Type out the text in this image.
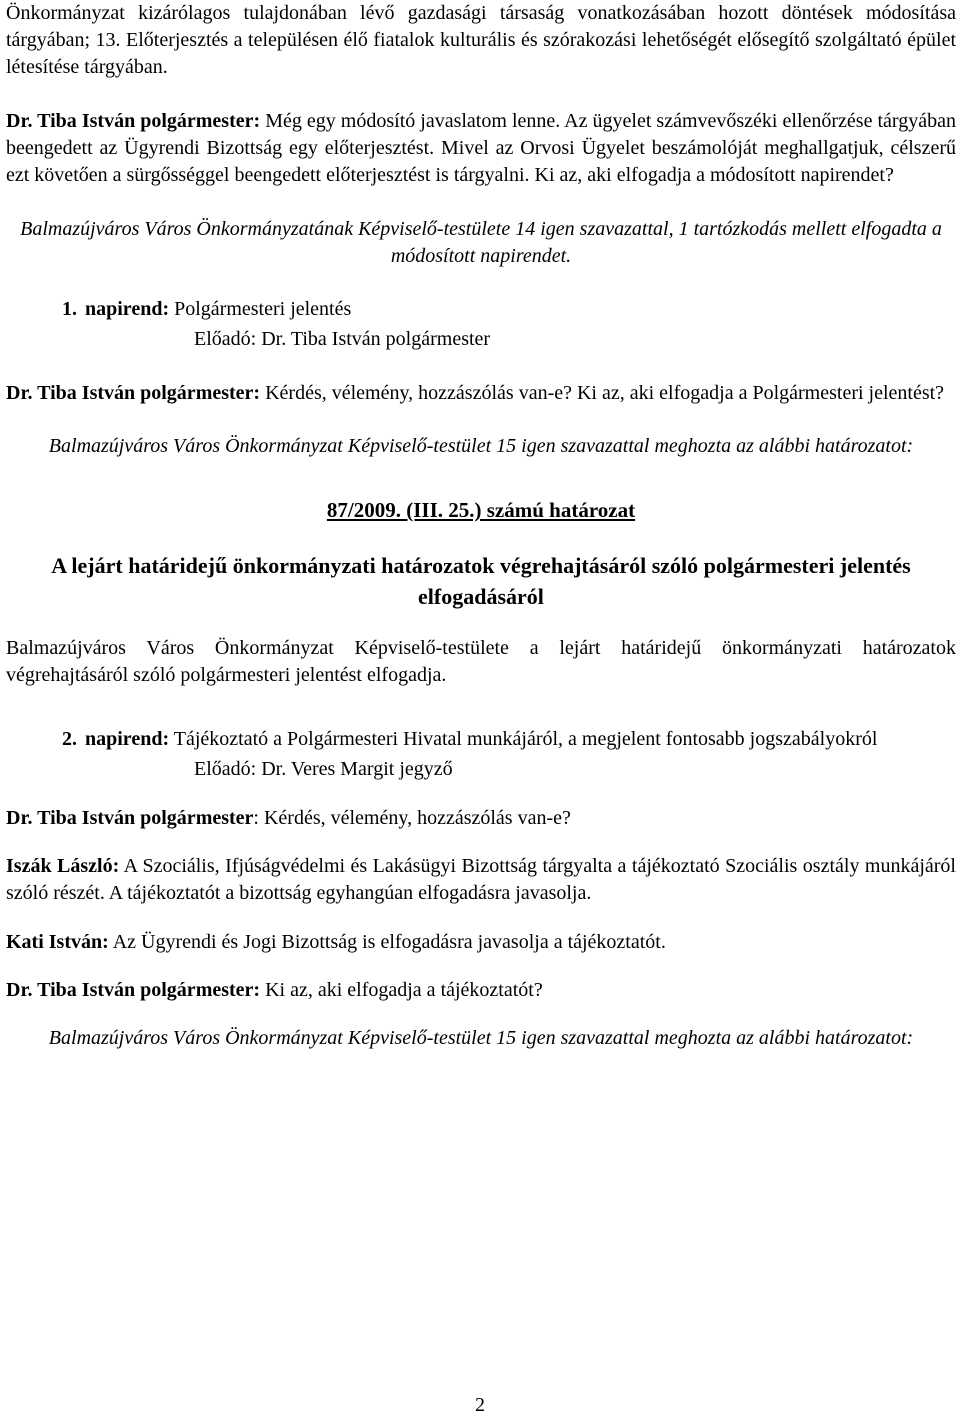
Önkormányzat kizárólagos tulajdonában lévő gazdasági társaság vonatkozásában hozott döntések módosítása tárgyában; 13. Előterjesztés a településen élő fiatalok kulturális és szórakozási lehetőségét elősegítő szolgáltató épület létesítése tárgyában.

Dr. Tiba István polgármester: Még egy módosító javaslatom lenne. Az ügyelet számvevőszéki ellenőrzése tárgyában beengedett az Ügyrendi Bizottság egy előterjesztést. Mivel az Orvosi Ügyelet beszámolóját meghallgatjuk, célszerű ezt követően a sürgősséggel beengedett előterjesztést is tárgyalni. Ki az, aki elfogadja a módosított napirendet?

Balmazújváros Város Önkormányzatának Képviselő-testülete 14 igen szavazattal, 1 tartózkodás mellett elfogadta a módosított napirendet.

1. napirend: Polgármesteri jelentés

Előadó: Dr. Tiba István polgármester

Dr. Tiba István polgármester: Kérdés, vélemény, hozzászólás van-e? Ki az, aki elfogadja a Polgármesteri jelentést?

Balmazújváros Város Önkormányzat Képviselő-testület 15 igen szavazattal meghozta az alábbi határozatot:

87/2009. (III. 25.) számú határozat

A lejárt határidejű önkormányzati határozatok végrehajtásáról szóló polgármesteri jelentés elfogadásáról

Balmazújváros Város Önkormányzat Képviselő-testülete a lejárt határidejű önkormányzati határozatok végrehajtásáról szóló polgármesteri jelentést elfogadja.

2. napirend: Tájékoztató a Polgármesteri Hivatal munkájáról, a megjelent fontosabb jogszabályokról

Előadó: Dr. Veres Margit jegyző

Dr. Tiba István polgármester: Kérdés, vélemény, hozzászólás van-e?

Iszák László: A Szociális, Ifjúságvédelmi és Lakásügyi Bizottság tárgyalta a tájékoztató Szociális osztály munkájáról szóló részét. A tájékoztatót a bizottság egyhangúan elfogadásra javasolja.

Kati István: Az Ügyrendi és Jogi Bizottság is elfogadásra javasolja a tájékoztatót.

Dr. Tiba István polgármester: Ki az, aki elfogadja a tájékoztatót?

Balmazújváros Város Önkormányzat Képviselő-testület 15 igen szavazattal meghozta az alábbi határozatot:

2
